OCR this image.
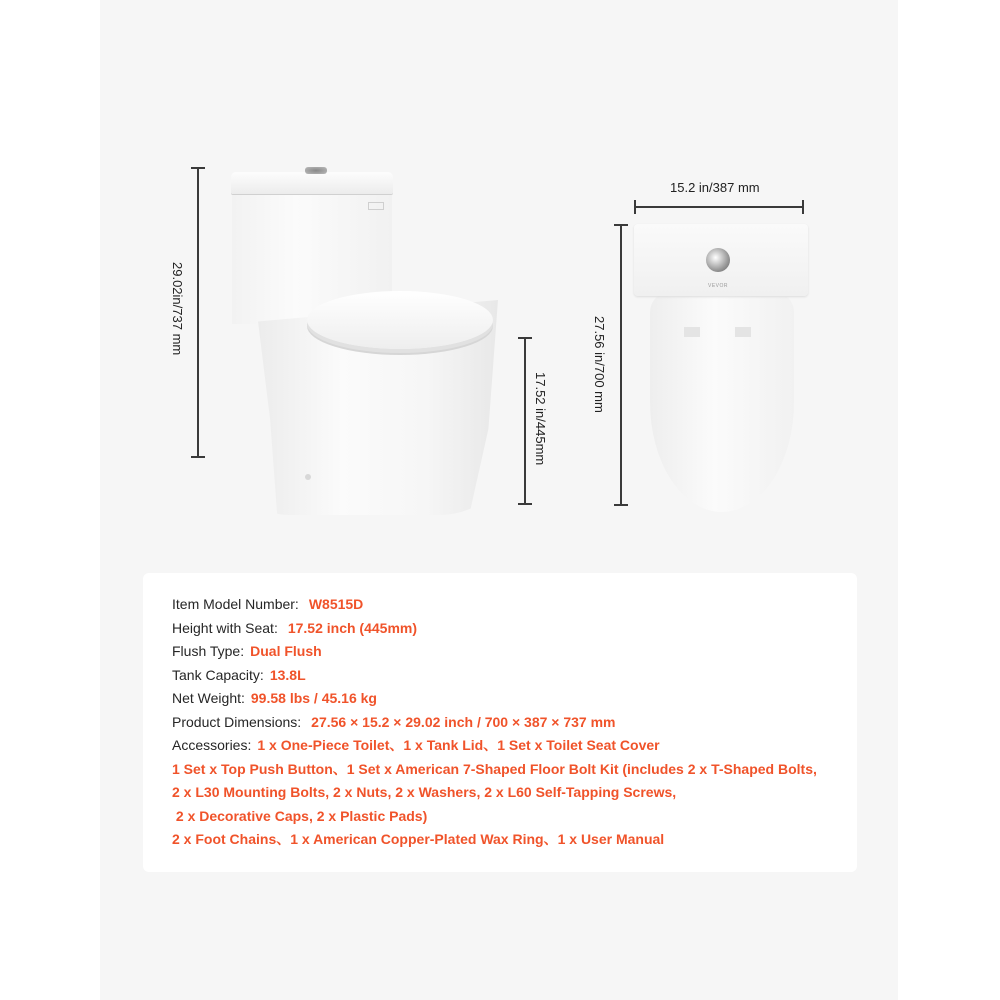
29.02in/737 mm
17.52 in/445mm
15.2 in/387 mm
27.56 in/700 mm
VEVOR
Item Model Number: W8515D
Height with Seat: 17.52 inch (445mm)
Flush Type: Dual Flush
Tank Capacity: 13.8L
Net Weight: 99.58 lbs / 45.16 kg
Product Dimensions: 27.56 × 15.2 × 29.02 inch / 700 × 387 × 737 mm
Accessories: 1 x One-Piece Toilet、1 x Tank Lid、1 Set x Toilet Seat Cover
1 Set x Top Push Button、1 Set x American 7-Shaped Floor Bolt Kit (includes 2 x T-Shaped Bolts,
2 x L30 Mounting Bolts, 2 x Nuts, 2 x Washers, 2 x L60 Self-Tapping Screws,
2 x Decorative Caps, 2 x Plastic Pads)
2 x Foot Chains、1 x American Copper-Plated Wax Ring、1 x User Manual
